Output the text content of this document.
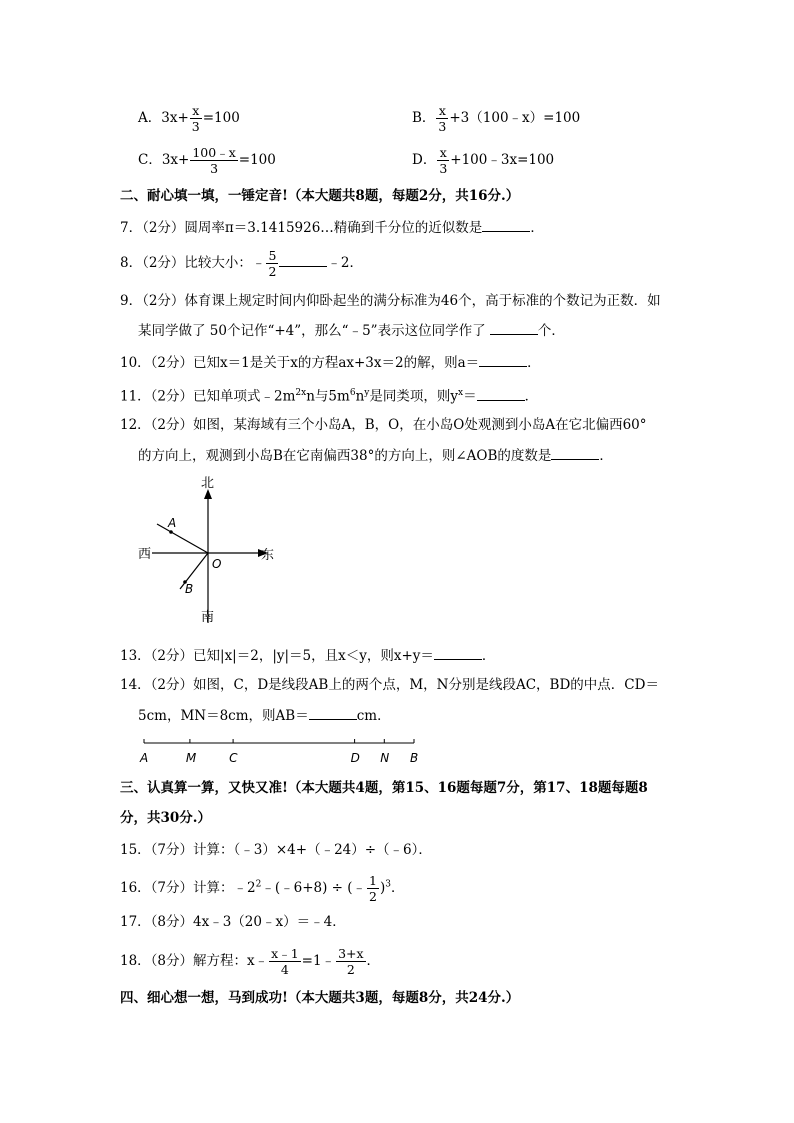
A．$3x+ \frac{x}{3} =100$	B． $\frac{x}{3}$ +3（100﹣x）=100
C．$3x+ \frac{100﹣x}{3} =100$	D． $\frac{x}{3}$ +100﹣3x=100
二、耐心填一填，一锤定音!（本大题共8题，每题2分，共16分.）
7．（2分）圆周率π＝3.1415926…精确到千分位的近似数是	．
8．（2分）比较大小：﹣ $\frac{5}{2}$	﹣2．
9．（2分）体育课上规定时间内仰卧起坐的满分标准为46个，高于标准的个数记为正数．如
某同学做了 50个记作“+4”，那么“﹣5”表示这位同学作了	个．
10．（2分）已知x＝1是关于x的方程ax+3x＝2的解，则a＝	．
11．（2分）已知单项式$﹣2m^{2x}n$与$5m^6n^y$是同类项，则$y^x=$	．
12．（2分）如图，某海域有三个小岛A，B，O，在小岛O处观测到小岛A在它北偏西60°
的方向上，观测到小岛B在它南偏西38°的方向上，则∠AOB的度数是	．
北
南
西	东
A
B
O
13．（2分）已知|x|＝2，|y|＝5，且x＜y，则x+y＝	．
14．（2分）如图，C，D是线段AB上的两个点，M，N分别是线段AC，BD的中点．CD＝
5cm，MN＝8cm，则AB＝	cm．
A	M	C	D N B
三、认真算一算，又快又准!（本大题共4题，第15、16题每题7分，第17、18题每题8
分，共30分.）
15．（7分）计算：（﹣3）×4+（﹣24）÷（﹣6）．
16．（7分）计算：$﹣2^2﹣(﹣6+8)$ ÷ (﹣ $\frac{1}{2} )^3$．
17．（8分）4x﹣3（20﹣x）＝﹣4．
18．（8分）解方程：x﹣ $\frac{x﹣1}{4}$ =1﹣ $\frac{3+x}{2}$ ．
四、细心想一想，马到成功!（本大题共3题，每题8分，共24分.）
